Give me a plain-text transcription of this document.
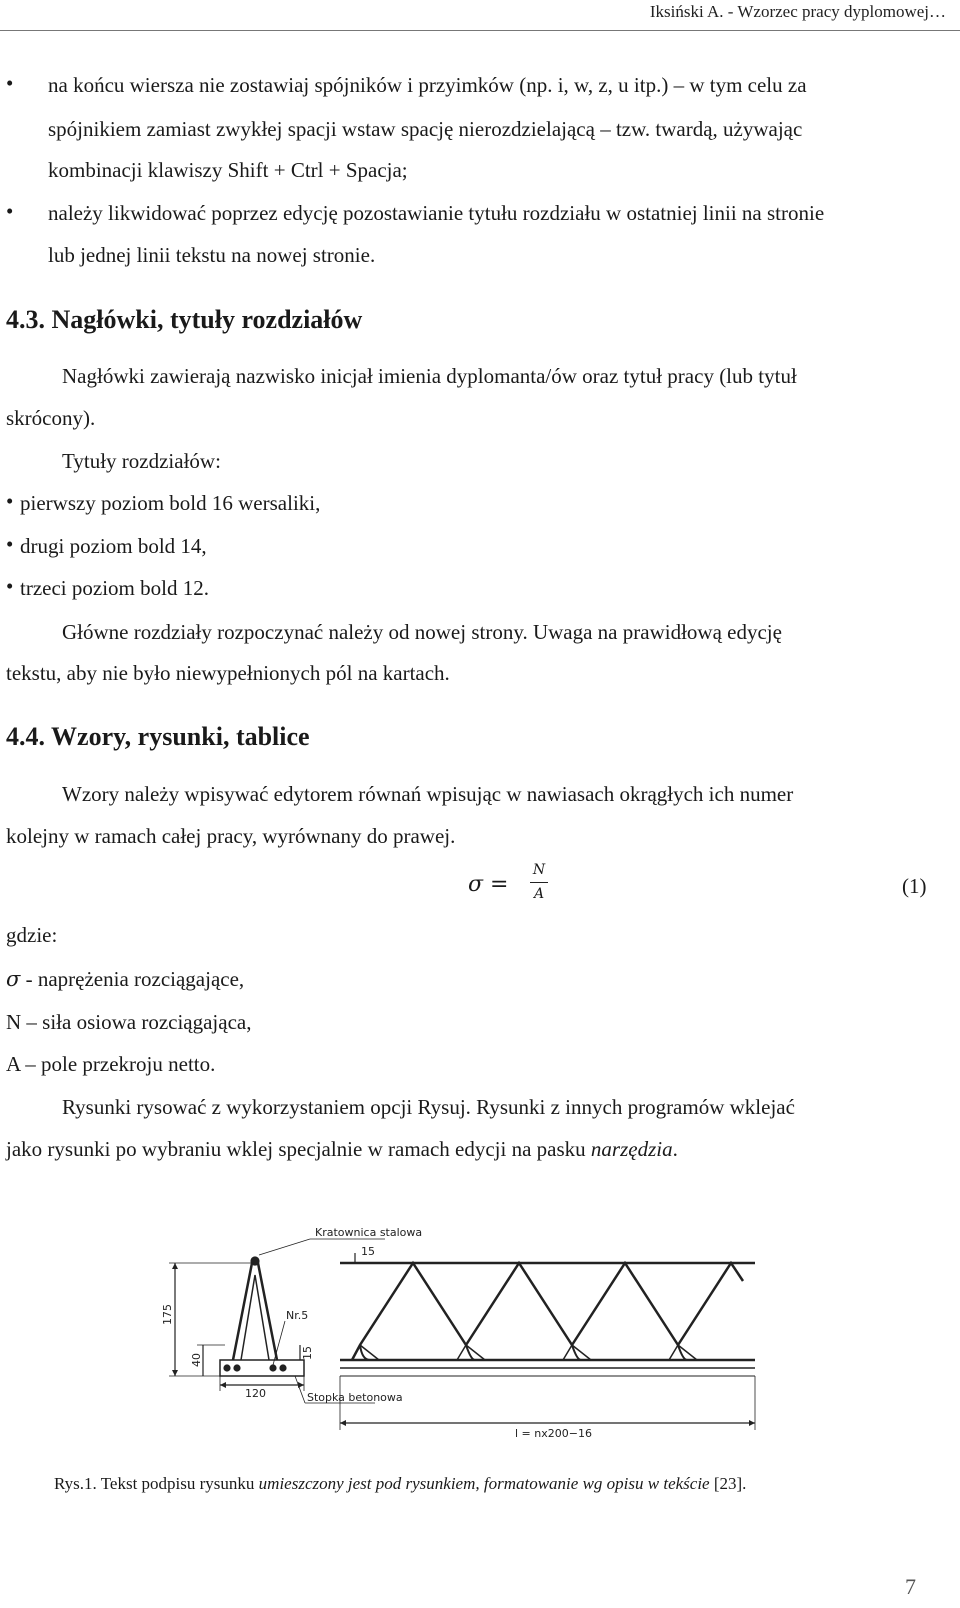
Iksiński A. - Wzorzec pracy dyplomowej…
• na końcu wiersza nie zostawiaj spójników i przyimków (np. i, w, z, u itp.) – w tym celu za
spójnikiem zamiast zwykłej spacji wstaw spację nierozdzielającą – tzw. twardą, używając
kombinacji klawiszy Shift + Ctrl + Spacja;
• należy likwidować poprzez edycję pozostawianie tytułu rozdziału w ostatniej linii na stronie
lub jednej linii tekstu na nowej stronie.
4.3. Nagłówki, tytuły rozdziałów
Nagłówki zawierają nazwisko inicjał imienia dyplomanta/ów oraz tytuł pracy (lub tytuł
skrócony).
Tytuły rozdziałów:
• pierwszy poziom bold 16 wersaliki,
• drugi poziom bold 14,
• trzeci poziom bold 12.
Główne rozdziały rozpoczynać należy od nowej strony. Uwaga na prawidłową edycję
tekstu, aby nie było niewypełnionych pól na kartach.
4.4. Wzory, rysunki, tablice
Wzory należy wpisywać edytorem równań wpisując w nawiasach okrągłych ich numer
kolejny w ramach całej pracy, wyrównany do prawej.
σ =
N
A	(1)
gdzie:
σ - naprężenia rozciągające,
N – siła osiowa rozciągająca,
A – pole przekroju netto.
Rysunki rysować z wykorzystaniem opcji Rysuj. Rysunki z innych programów wklejać
jako rysunki po wybraniu wklej specjalnie w ramach edycji na pasku narzędzia.
Kratownica stalowa
Nr.5
Stopka betonowa
15
120
l = nx200−16
175
40	15
Rys.1. Tekst podpisu rysunku umieszczony jest pod rysunkiem, formatowanie wg opisu w tekście [23].
7
